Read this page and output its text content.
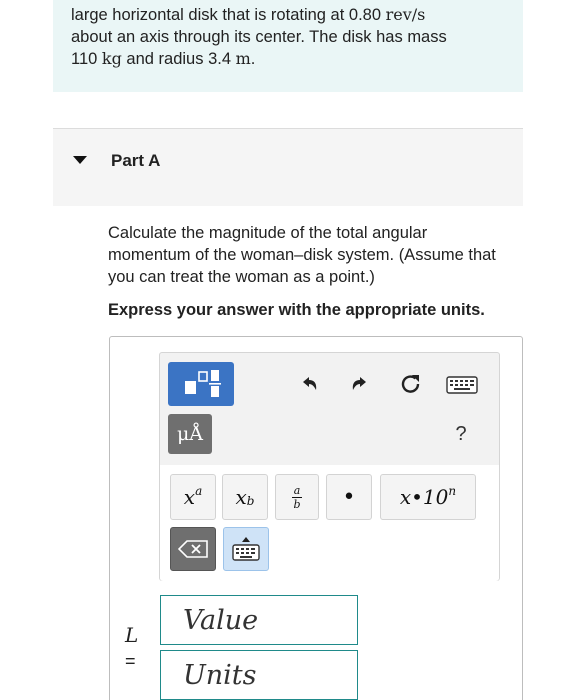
large horizontal disk that is rotating at 0.80 rev/s
about an axis through its center. The disk has mass
110 kg and radius 3.4 m.
Part A
Calculate the magnitude of the total angular momentum of the woman–disk system. (Assume that you can treat the woman as a point.)
Express your answer with the appropriate units.
μÅ	?
$x^a$ $x_b$	$\frac{a}{b}$ • x•10$^n$
L
=
Value
Units
